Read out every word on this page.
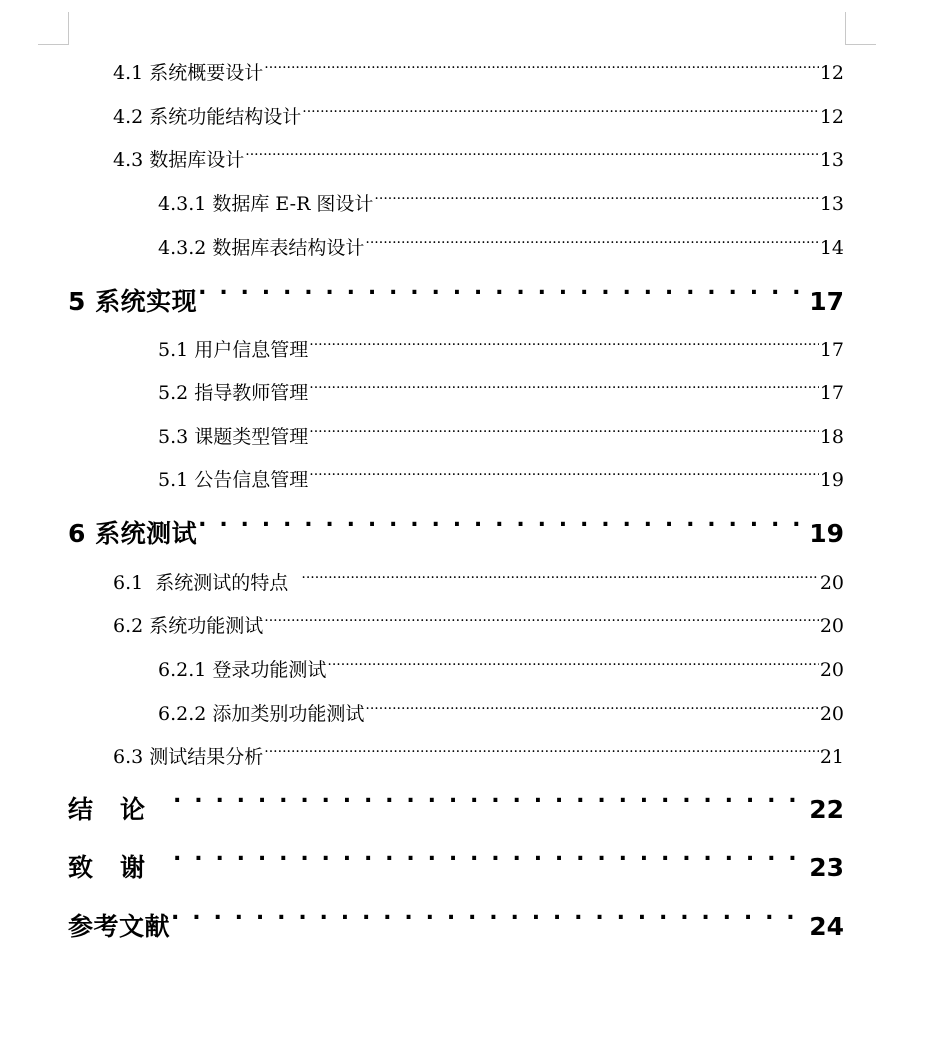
4.1 系统概要设计 .....	12
4.2 系统功能结构设计 .....	12
4.3 数据库设计 .....	13
4.3.1 数据库 E-R 图设计 .....	13
4.3.2 数据库表结构设计 .....	14
5 系统实现 . . .	17
5.1 用户信息管理 .....	17
5.2 指导教师管理 .....	17
5.3 课题类型管理 .....	18
5.1 公告信息管理 .....	19
6 系统测试 . . .	19
6.1  系统测试的特点 .....	20
6.2 系统功能测试 .....	20
6.2.1 登录功能测试 .....	20
6.2.2 添加类别功能测试 .....	20
6.3 测试结果分析 .....	21
结论 . . .	22
致谢 . . .	23
参考文献 . . .	24
